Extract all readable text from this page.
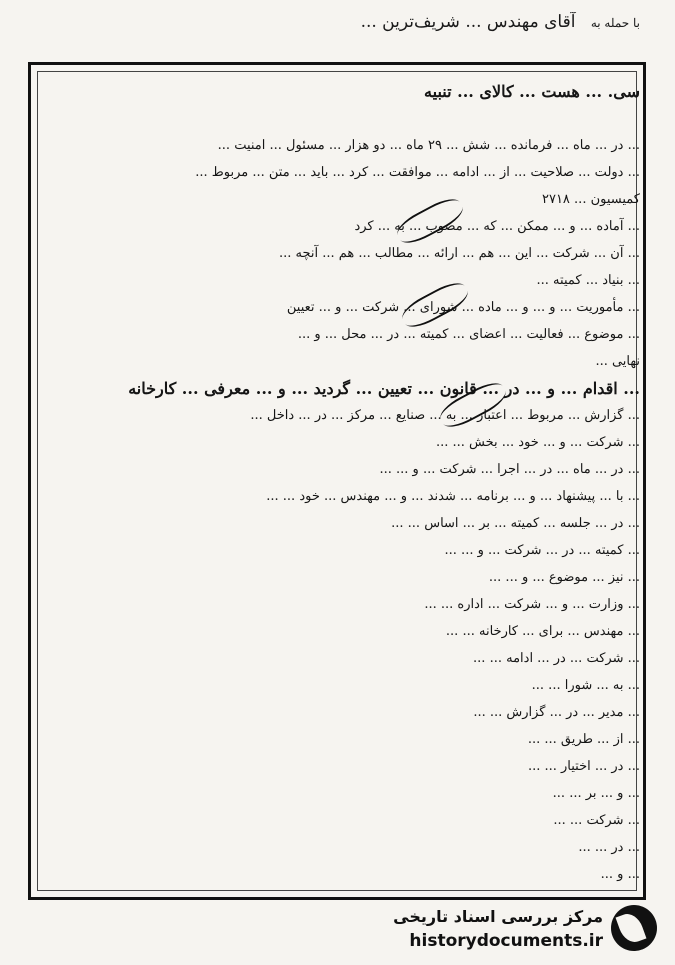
با حمله به آقای مهندس ... شریف‌ترین ...
سی. ... هست ... کالای ... تنبیه
... در ... ماه ... فرمانده ... شش ... ۲۹ ماه ... دو هزار ... مسئول ... امنیت ...
... دولت ... صلاحیت ... از ... ادامه ... موافقت ... کرد ... باید ... متن ... مربوط ...
کمیسیون ... ۲۷۱۸
... آماده ... و ... ممکن ... که ... مصوب ... به ... کرد
... آن ... شرکت ... این ... هم ... ارائه ... مطالب ... هم ... آنچه ...
... بنیاد ... کمیته ...
... مأموریت ... و ... و ... ماده ... شورای ... شرکت ... و ... تعیین
... موضوع ... فعالیت ... اعضای ... کمیته ... در ... محل ... و ...
نهایی ...
... اقدام ... و ... در ... قانون ... تعیین ... گردید ... و ... معرفی ... کارخانه
... گزارش ... مربوط ... اعتبار ... به ... صنایع ... مرکز ... در ... داخل ...
... شرکت ... و ... خود ... بخش ... ...
... در ... ماه ... در ... اجرا ... شرکت ... و ... ...
... با ... پیشنهاد ... و ... برنامه ... شدند ... و ... مهندس ... خود ... ...
... در ... جلسه ... کمیته ... بر ... اساس ... ...
... کمیته ... در ... شرکت ... و ... ...
... نیز ... موضوع ... و ... ...
... وزارت ... و ... شرکت ... اداره ... ...
... مهندس ... برای ... کارخانه ... ...
... شرکت ... در ... ادامه ... ...
... به ... شورا ... ...
... مدیر ... در ... گزارش ... ...
... از ... طریق ... ...
... در ... اختیار ... ...
... و ... بر ... ...
... شرکت ... ...
... در ... ...
... و ...
مرکز بررسی اسناد تاریخی
historydocuments.ir
